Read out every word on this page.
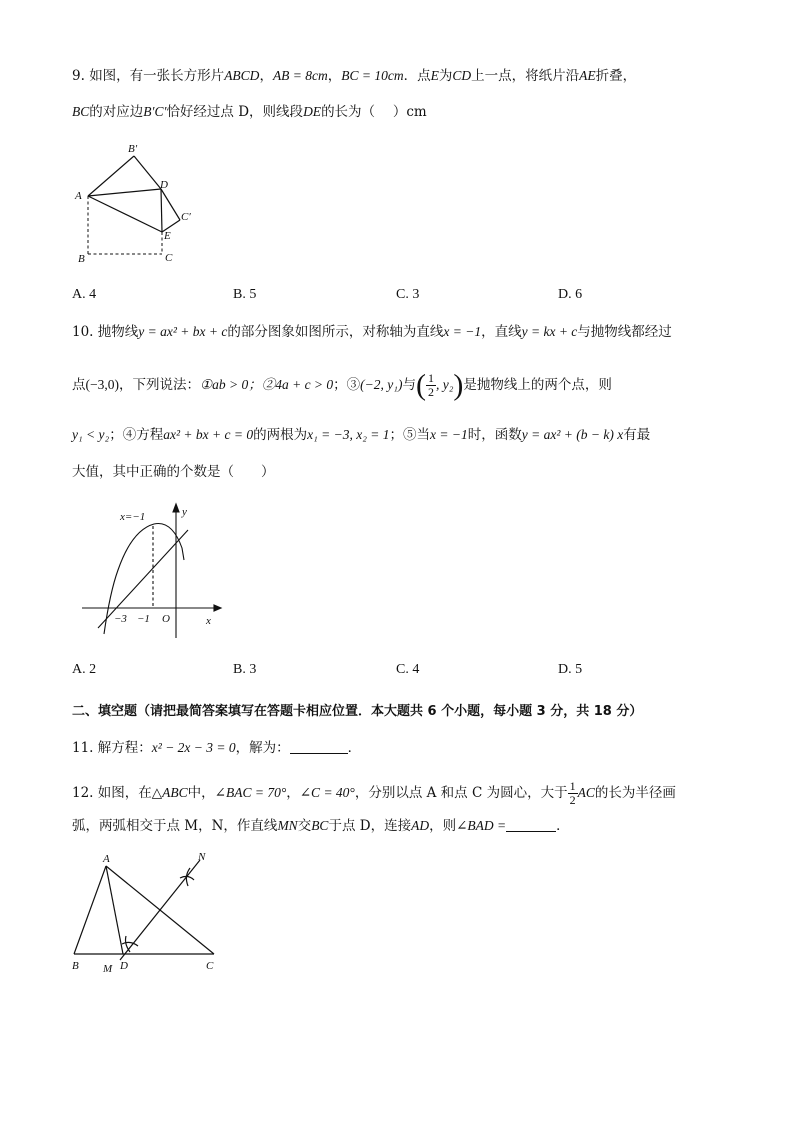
9. 如图，有一张长方形片ABCD，AB = 8cm，BC = 10cm．点E为CD上一点，将纸片沿AE折叠，
BC的对应边B′C′恰好经过点 D，则线段DE的长为（　 ）cm
A
B′
D
C′
E
B	C
A. 4	B. 5	C. 3	D. 6
10. 抛物线y = ax² + bx + c的部分图象如图所示，对称轴为直线x = −1，直线y = kx + c与抛物线都经过
点(−3,0)，下列说法：①ab > 0；②4a + c > 0；③(−2, y₁)与( $\frac{1}{2}$ , y₂)是抛物线上的两个点，则
y₁ < y₂；④方程ax² + bx + c = 0的两根为x₁ = −3, x₂ = 1；⑤当x = −1时，函数y = ax² + (b − k) x有最
大值，其中正确的个数是（　　）
x=−1	y
x
−3 −1 O
A. 2	B. 3	C. 4	D. 5
二、填空题（请把最简答案填写在答题卡相应位置．本大题共 6 个小题，每小题 3 分，共 18 分）
11. 解方程：x² − 2x − 3 = 0，解为：	．
12. 如图，在△ABC中，∠BAC = 70°，∠C = 40°，分别以点 A 和点 C 为圆心，大于 $\frac{1}{2}$ AC的长为半径画
弧，两弧相交于点 M，N，作直线MN交BC于点 D，连接AD，则∠BAD =	．
A	N
B M D	C
